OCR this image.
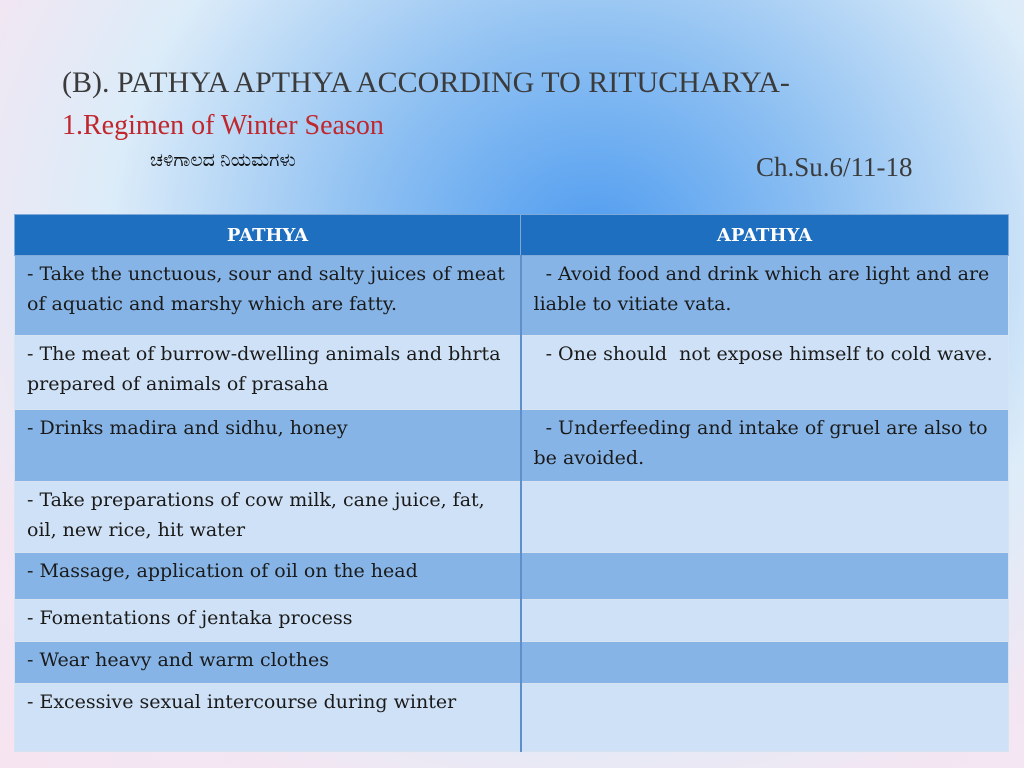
(B). PATHYA APTHYA ACCORDING TO RITUCHARYA-
1.Regimen of Winter Season
ಚಳಿಗಾಲದ ನಿಯಮಗಳು	Ch.Su.6/11-18
PATHYA	APATHYA
- Take the unctuous, sour and salty juices of meat of aquatic and marshy which are fatty.	- Avoid food and drink which are light and are liable to vitiate vata.
- The meat of burrow-dwelling animals and bhrta prepared of animals of prasaha	- One should  not expose himself to cold wave.
- Drinks madira and sidhu, honey	- Underfeeding and intake of gruel are also to be avoided.
- Take preparations of cow milk, cane juice, fat, oil, new rice, hit water	
- Massage, application of oil on the head	
- Fomentations of jentaka process	
- Wear heavy and warm clothes	
- Excessive sexual intercourse during winter	
